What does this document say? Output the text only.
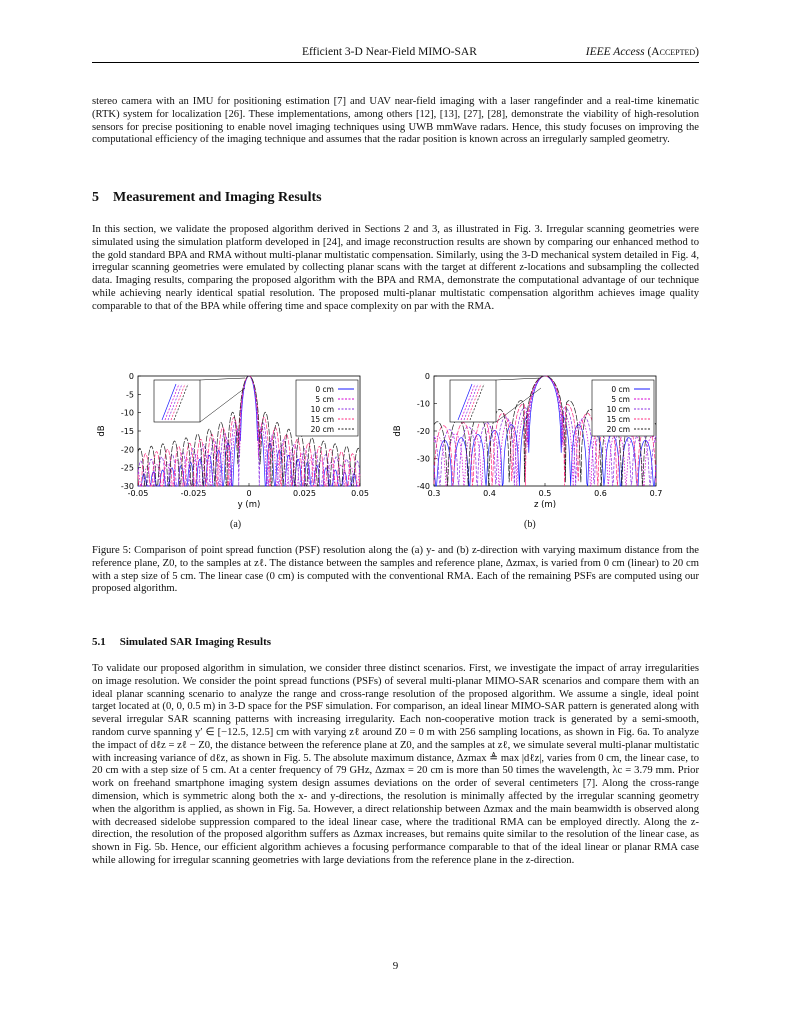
Efficient 3-D Near-Field MIMO-SAR	IEEE Access (Accepted)

stereo camera with an IMU for positioning estimation [7] and UAV near-field imaging with a laser rangefinder and a real-time kinematic (RTK) system for localization [26]. These implementations, among others [12], [13], [27], [28], demonstrate the viability of high-resolution sensors for precise positioning to enable novel imaging techniques using UWB mmWave radars. Hence, this study focuses on improving the computational efficiency of the imaging technique and assumes that the radar position is known across an irregularly sampled geometry.

5 Measurement and Imaging Results

In this section, we validate the proposed algorithm derived in Sections 2 and 3, as illustrated in Fig. 3. Irregular scanning geometries were simulated using the simulation platform developed in [24], and image reconstruction results are shown by comparing our enhanced method to the gold standard BPA and RMA without multi-planar multistatic compensation. Similarly, using the 3-D mechanical system detailed in Fig. 4, irregular scanning geometries were emulated by collecting planar scans with the target at different z-locations and subsampling the collected data. Imaging results, comparing the proposed algorithm with the BPA and RMA, demonstrate the computational advantage of our technique while achieving nearly identical spatial resolution. The proposed multi-planar multistatic compensation algorithm achieves image quality comparable to that of the BPA while offering time and space complexity on par with the RMA.

-0.05	-0.025	0	0.025	0.05
0
-5
-10
-15
-20
-25
-30
y (m)
dB
0 cm
5 cm
10 cm
15 cm
20 cm
0.3	0.4	0.5	0.6	0.7
0
-10
-20
-30
-40
z (m)
dB
0 cm
5 cm
10 cm
15 cm
20 cm
(a)	(b)

Figure 5: Comparison of point spread function (PSF) resolution along the (a) y- and (b) z-direction with varying maximum distance from the reference plane, Z0, to the samples at zℓ. The distance between the samples and reference plane, Δzmax, is varied from 0 cm (linear) to 20 cm with a step size of 5 cm. The linear case (0 cm) is computed with the conventional RMA. Each of the remaining PSFs are computed using our proposed algorithm.

5.1 Simulated SAR Imaging Results

To validate our proposed algorithm in simulation, we consider three distinct scenarios. First, we investigate the impact of array irregularities on image resolution. We consider the point spread functions (PSFs) of several multi-planar MIMO-SAR scenarios and compare them with an ideal planar scanning scenario to analyze the range and cross-range resolution of the proposed algorithm. We assume a single, ideal point target located at (0, 0, 0.5 m) in 3-D space for the PSF simulation. For comparison, an ideal linear MIMO-SAR pattern is generated along with several irregular SAR scanning patterns with increasing irregularity. Each non-cooperative motion track is generated by a semi-smooth, random curve spanning y′ ∈ [−12.5, 12.5] cm with varying zℓ around Z0 = 0 m with 256 sampling locations, as shown in Fig. 6a. To analyze the impact of dℓz = zℓ − Z0, the distance between the reference plane at Z0, and the samples at zℓ, we simulate several multi-planar multistatic with increasing variance of dℓz, as shown in Fig. 5. The absolute maximum distance, Δzmax ≜ max |dℓz|, varies from 0 cm, the linear case, to 20 cm with a step size of 5 cm. At a center frequency of 79 GHz, Δzmax = 20 cm is more than 50 times the wavelength, λc = 3.79 mm. Prior work on freehand smartphone imaging system design assumes deviations on the order of several centimeters [7]. Along the cross-range dimension, which is symmetric along both the x- and y-directions, the resolution is minimally affected by the irregular scanning geometry when the algorithm is applied, as shown in Fig. 5a. However, a direct relationship between Δzmax and the main beamwidth is observed along with decreased sidelobe suppression compared to the ideal linear case, where the traditional RMA can be employed directly. Along the z-direction, the resolution of the proposed algorithm suffers as Δzmax increases, but remains quite similar to the resolution of the linear case, as shown in Fig. 5b. Hence, our efficient algorithm achieves a focusing performance comparable to that of the ideal linear or planar RMA case while allowing for irregular scanning geometries with large deviations from the reference plane in the z-direction.

9
